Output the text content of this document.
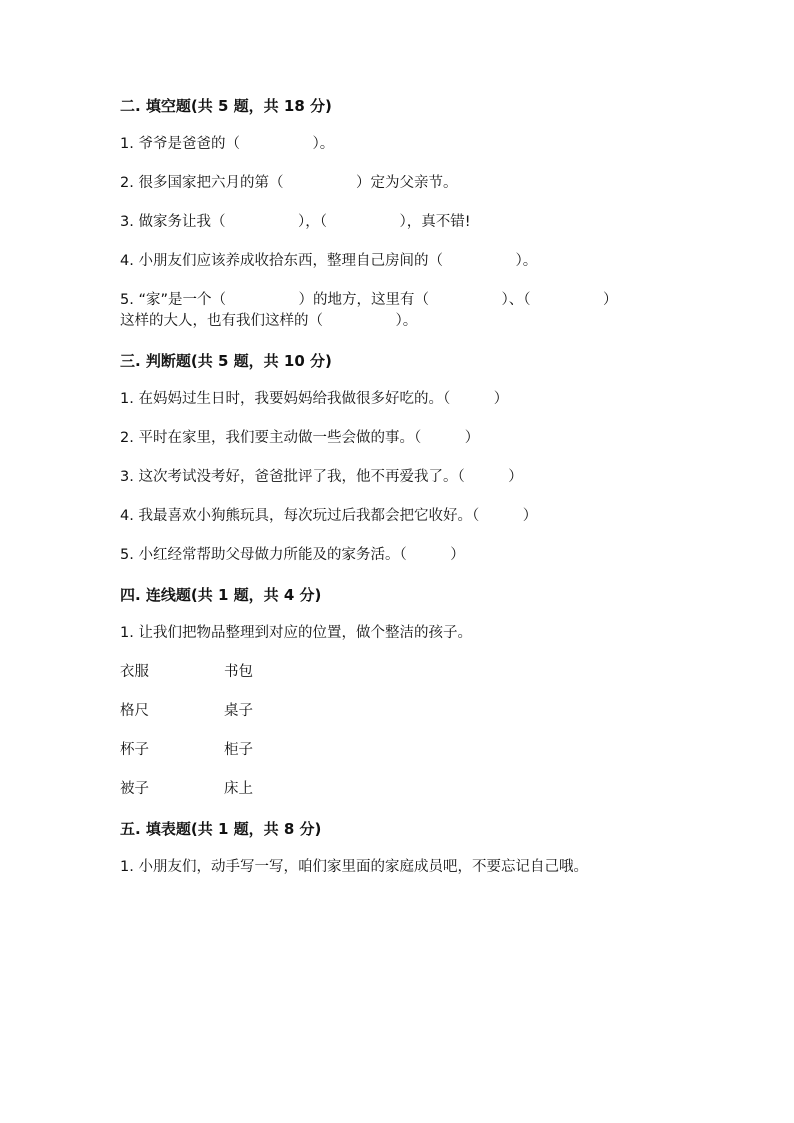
二. 填空题(共 5 题，共 18 分)
1. 爷爷是爸爸的（　　　　　）。
2. 很多国家把六月的第（　　　　　）定为父亲节。
3. 做家务让我（　　　　　），（　　　　　），真不错!
4. 小朋友们应该养成收拾东西，整理自己房间的（　　　　　）。
5. “家”是一个（　　　　　）的地方，这里有（　　　　　）、（　　　　　）
这样的大人，也有我们这样的（　　　　　）。
三. 判断题(共 5 题，共 10 分)
1. 在妈妈过生日时，我要妈妈给我做很多好吃的。（　　　）
2. 平时在家里，我们要主动做一些会做的事。（　　　）
3. 这次考试没考好，爸爸批评了我，他不再爱我了。（　　　）
4. 我最喜欢小狗熊玩具，每次玩过后我都会把它收好。（　　　）
5. 小红经常帮助父母做力所能及的家务活。（　　　）
四. 连线题(共 1 题，共 4 分)
1. 让我们把物品整理到对应的位置，做个整洁的孩子。
衣服	书包
格尺	桌子
杯子	柜子
被子	床上
五. 填表题(共 1 题，共 8 分)
1. 小朋友们，动手写一写，咱们家里面的家庭成员吧，不要忘记自己哦。
